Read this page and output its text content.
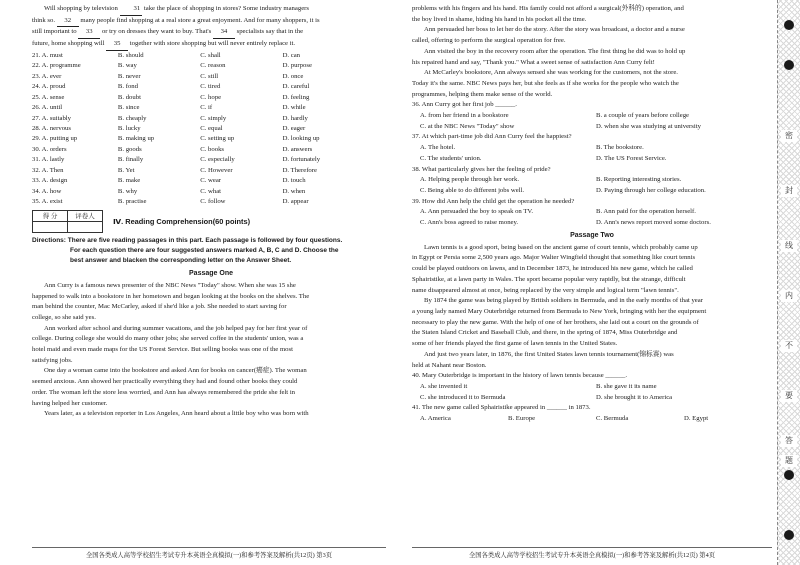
Will shopping by television 31 take the place of shopping in stores? Some industry managers
think so. 32 many people find shopping at a real store a great enjoyment. And for many shoppers, it is
still important to 33 or try on dresses they want to buy. That's 34 specialists say that in the
future, home shopping will 35 together with store shopping but will never entirely replace it.
21. A. must	B. should	C. shall	D. can
22. A. programme	B. way	C. reason	D. purpose
23. A. ever	B. never	C. still	D. once
24. A. proud	B. fond	C. tired	D. careful
25. A. sense	B. doubt	C. hope	D. feeling
26. A. until	B. since	C. if	D. while
27. A. suitably	B. cheaply	C. simply	D. hardly
28. A. nervous	B. lucky	C. equal	D. eager
29. A. putting up	B. making up	C. setting up	D. looking up
30. A. orders	B. goods	C. books	D. answers
31. A. lastly	B. finally	C. especially	D. fortunately
32. A. Then	B. Yet	C. However	D. Therefore
33. A. design	B. make	C. wear	D. touch
34. A. how	B. why	C. what	D. when
35. A. exist	B. practise	C. follow	D. appear
得 分	评卷人
	Ⅳ. Reading Comprehension(60 points)
Directions: There are five reading passages in this part. Each passage is followed by four questions.
For each question there are four suggested answers marked A, B, C and D. Choose the
best answer and blacken the corresponding letter on the Answer Sheet.
Passage One
Ann Curry is a famous news presenter of the NBC News "Today" show. When she was 15 she
happened to walk into a bookstore in her hometown and began looking at the books on the shelves. The
man behind the counter, Mac McCarley, asked if she'd like a job. She needed to start saving for
college, so she said yes.
Ann worked after school and during summer vacations, and the job helped pay for her first year of
college. During college she would do many other jobs; she served coffee in the students' union, was a
hotel maid and even made maps for the US Forest Service. But selling books was one of the most
satisfying jobs.
One day a woman came into the bookstore and asked Ann for books on cancer(癌症). The woman
seemed anxious. Ann showed her practically everything they had and found other books they could
order. The woman left the store less worried, and Ann has always remembered the pride she felt in
having helped her customer.
Years later, as a television reporter in Los Angeles, Ann heard about a little boy who was born with
全国各类成人高等学校招生考试专升本英语全真模拟(一)和参考答案及解析(共12页) 第3页
problems with his fingers and his hand. His family could not afford a surgical(外科的) operation, and
the boy lived in shame, hiding his hand in his pocket all the time.
Ann persuaded her boss to let her do the story. After the story was broadcast, a doctor and a nurse
called, offering to perform the surgical operation for free.
Ann visited the boy in the recovery room after the operation. The first thing he did was to hold up
his repaired hand and say, "Thank you." What a sweet sense of satisfaction Ann Curry felt!
At McCarley's bookstore, Ann always sensed she was working for the customers, not the store.
Today it's the same. NBC News pays her, but she feels as if she works for the people who watch the
programmes, helping them make sense of the world.
36. Ann Curry got her first job ______.
A. from her friend in a bookstore	B. a couple of years before college
C. at the NBC News "Today" show	D. when she was studying at university
37. At which part-time job did Ann Curry feel the happiest?
A. The hotel.	B. The bookstore.
C. The students' union.	D. The US Forest Service.
38. What particularly gives her the feeling of pride?
A. Helping people through her work.	B. Reporting interesting stories.
C. Being able to do different jobs well.	D. Paying through her college education.
39. How did Ann help the child get the operation he needed?
A. Ann persuaded the boy to speak on TV.	B. Ann paid for the operation herself.
C. Ann's boss agreed to raise money.	D. Ann's news report moved some doctors.
Passage Two
Lawn tennis is a good sport, being based on the ancient game of court tennis, which probably came up
in Egypt or Persia some 2,500 years ago. Major Walter Wingfield thought that something like court tennis
could be played outdoors on lawns, and in December 1873, he introduced his new game, which he called
Sphairistike, at a lawn party in Wales. The sport became popular very rapidly, but the strange, difficult
name disappeared almost at once, being replaced by the very simple and logical term "lawn tennis".
By 1874 the game was being played by British soldiers in Bermuda, and in the early months of that year
a young lady named Mary Outerbridge returned from Bermuda to New York, bringing with her the equipment
necessary to play the new game. With the help of one of her brothers, she laid out a court on the grounds of
the Staten Island Cricket and Baseball Club, and there, in the spring of 1874, Miss Outerbridge and
some of her friends played the first game of lawn tennis in the United States.
And just two years later, in 1876, the first United States lawn tennis tournament(锦标赛) was
held at Nahant near Boston.
40. Mary Outerbridge is important in the history of lawn tennis because ______.
A. she invented it	B. she gave it its name
C. she introduced it to Bermuda	D. she brought it to America
41. The new game called Sphairistike appeared in ______ in 1873.
A. America	B. Europe	C. Bermuda	D. Egypt
全国各类成人高等学校招生考试专升本英语全真模拟(一)和参考答案及解析(共12页) 第4页
密
封
线
内
不
要
答
题
